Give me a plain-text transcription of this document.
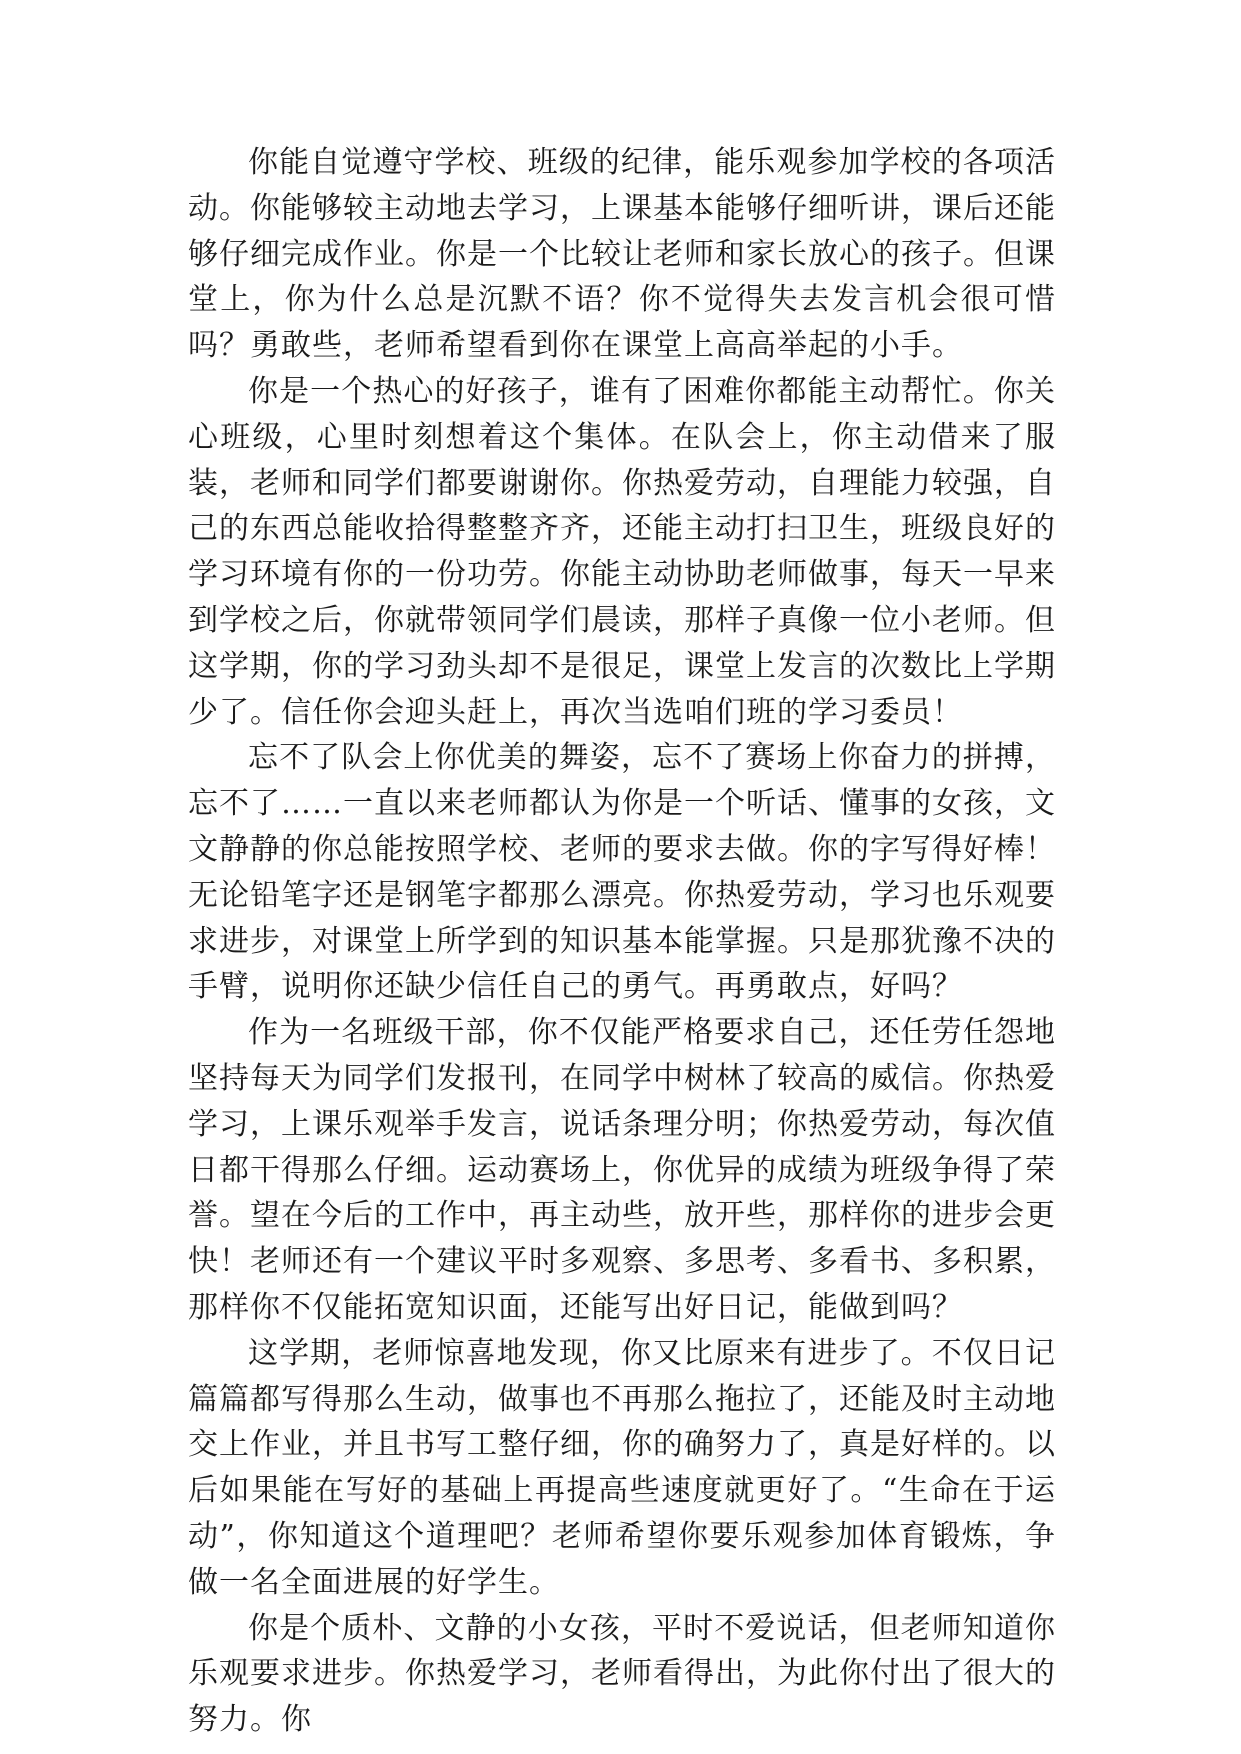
你能自觉遵守学校、班级的纪律，能乐观参加学校的各项活动。你能够较主动地去学习，上课基本能够仔细听讲，课后还能够仔细完成作业。你是一个比较让老师和家长放心的孩子。但课堂上，你为什么总是沉默不语？你不觉得失去发言机会很可惜吗？勇敢些，老师希望看到你在课堂上高高举起的小手。

你是一个热心的好孩子，谁有了困难你都能主动帮忙。你关心班级，心里时刻想着这个集体。在队会上，你主动借来了服装，老师和同学们都要谢谢你。你热爱劳动，自理能力较强，自己的东西总能收拾得整整齐齐，还能主动打扫卫生，班级良好的学习环境有你的一份功劳。你能主动协助老师做事，每天一早来到学校之后，你就带领同学们晨读，那样子真像一位小老师。但这学期，你的学习劲头却不是很足，课堂上发言的次数比上学期少了。信任你会迎头赶上，再次当选咱们班的学习委员！

忘不了队会上你优美的舞姿，忘不了赛场上你奋力的拼搏，忘不了……一直以来老师都认为你是一个听话、懂事的女孩，文文静静的你总能按照学校、老师的要求去做。你的字写得好棒！无论铅笔字还是钢笔字都那么漂亮。你热爱劳动，学习也乐观要求进步，对课堂上所学到的知识基本能掌握。只是那犹豫不决的手臂，说明你还缺少信任自己的勇气。再勇敢点，好吗？

作为一名班级干部，你不仅能严格要求自己，还任劳任怨地坚持每天为同学们发报刊，在同学中树林了较高的威信。你热爱学习，上课乐观举手发言，说话条理分明；你热爱劳动，每次值日都干得那么仔细。运动赛场上，你优异的成绩为班级争得了荣誉。望在今后的工作中，再主动些，放开些，那样你的进步会更快！老师还有一个建议平时多观察、多思考、多看书、多积累，那样你不仅能拓宽知识面，还能写出好日记，能做到吗？

这学期，老师惊喜地发现，你又比原来有进步了。不仅日记篇篇都写得那么生动，做事也不再那么拖拉了，还能及时主动地交上作业，并且书写工整仔细，你的确努力了，真是好样的。以后如果能在写好的基础上再提高些速度就更好了。“生命在于运动”，你知道这个道理吧？老师希望你要乐观参加体育锻炼，争做一名全面进展的好学生。

你是个质朴、文静的小女孩，平时不爱说话，但老师知道你乐观要求进步。你热爱学习，老师看得出，为此你付出了很大的努力。你
